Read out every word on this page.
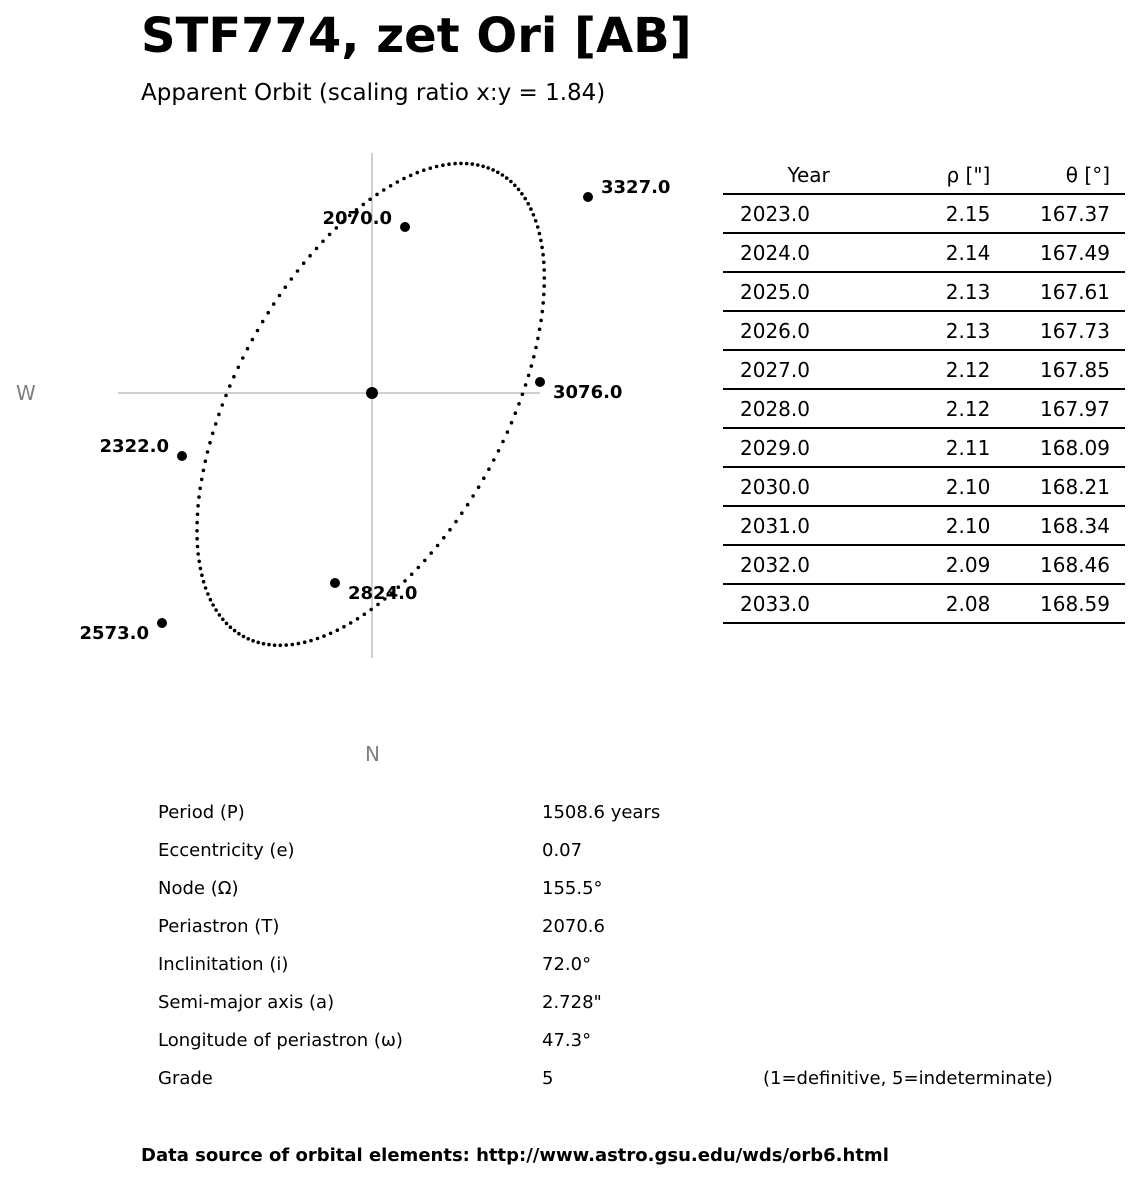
STF774, zet Ori [AB]
Apparent Orbit (scaling ratio x:y = 1.84)
W
N
2070.0
2322.0
2573.0
2824.0
3076.0
3327.0
Year	ρ ["]	θ [°]
2023.0	2.15	167.37
2024.0	2.14	167.49
2025.0	2.13	167.61
2026.0	2.13	167.73
2027.0	2.12	167.85
2028.0	2.12	167.97
2029.0	2.11	168.09
2030.0	2.10	168.21
2031.0	2.10	168.34
2032.0	2.09	168.46
2033.0	2.08	168.59
Period (P)	1508.6 years
Eccentricity (e)	0.07
Node (Ω)	155.5°
Periastron (T)	2070.6
Inclinitation (i)	72.0°
Semi-major axis (a)	2.728"
Longitude of periastron (ω)	47.3°
Grade	5	(1=definitive, 5=indeterminate)
Data source of orbital elements: http://www.astro.gsu.edu/wds/orb6.html
